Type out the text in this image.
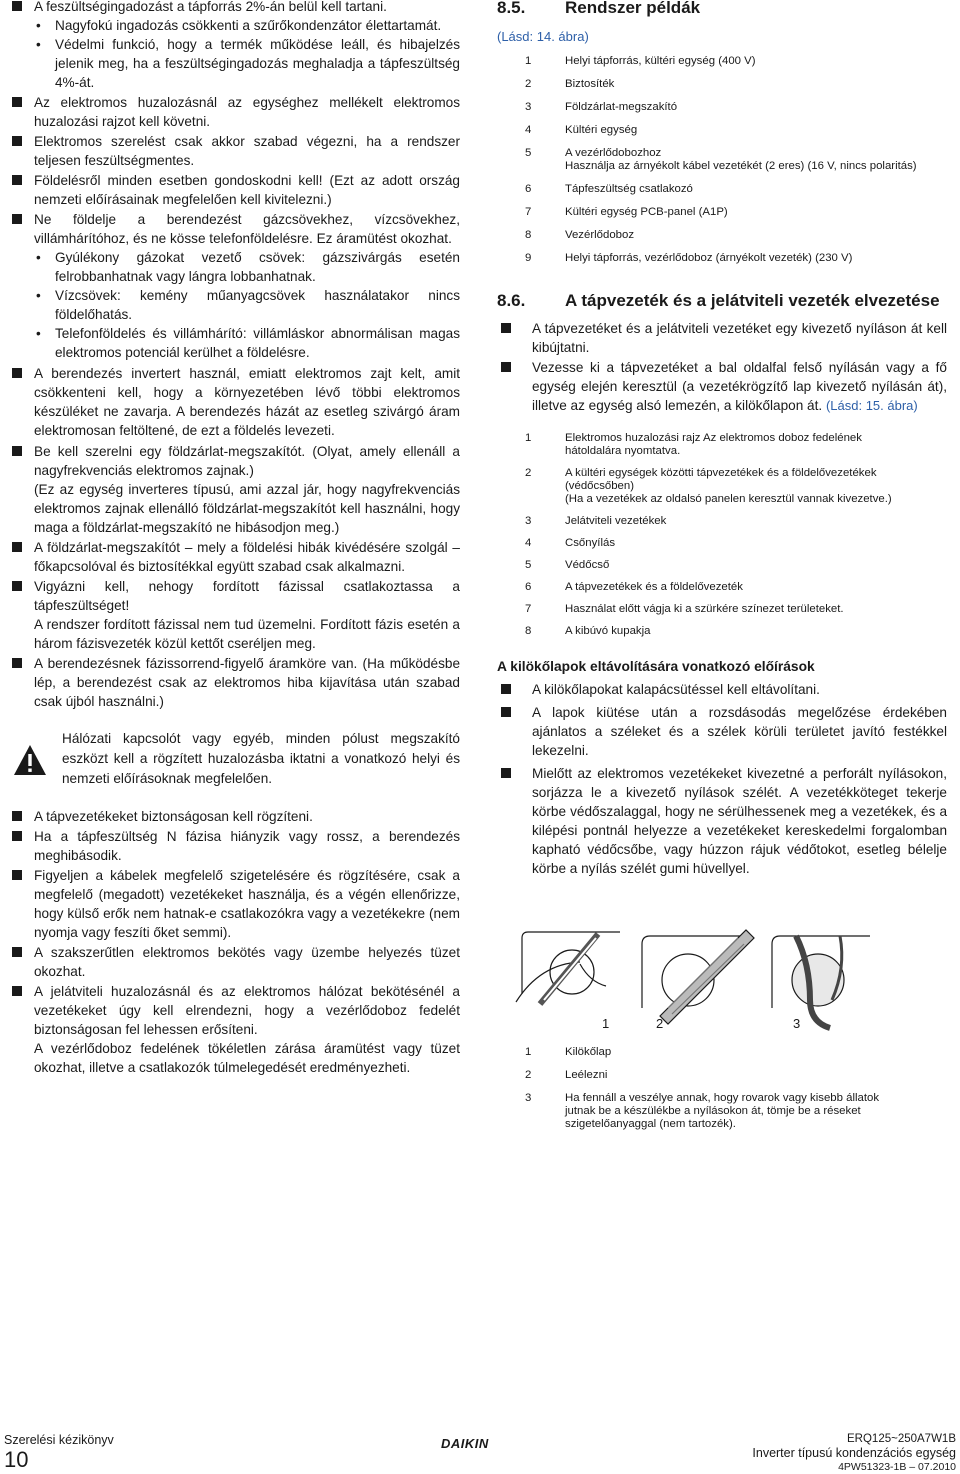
A feszültségingadozást a tápforrás 2%-án belül kell tartani.

• Nagyfokú ingadozás csökkenti a szűrőkondenzátor élettartamát.

• Védelmi funkció, hogy a termék működése leáll, és hibajelzés jelenik meg, ha a feszültségingadozás meghaladja a tápfeszültség 4%-át.

Az elektromos huzalozásnál az egységhez mellékelt elektromos huzalozási rajzot kell követni.

Elektromos szerelést csak akkor szabad végezni, ha a rendszer teljesen feszültségmentes.

Földelésről minden esetben gondoskodni kell! (Ezt az adott ország nemzeti előírásainak megfelelően kell kivitelezni.)

Ne földelje a berendezést gázcsövekhez, vízcsövekhez, villámhárítóhoz, és ne kösse telefonföldelésre. Ez áramütést okozhat.

• Gyúlékony gázokat vezető csövek: gázszivárgás esetén felrobbanhatnak vagy lángra lobbanhatnak.

• Vízcsövek: kemény műanyagcsövek használatakor nincs földelőhatás.

• Telefonföldelés és villámhárító: villámláskor abnormálisan magas elektromos potenciál kerülhet a földelésre.

A berendezés invertert használ, emiatt elektromos zajt kelt, amit csökkenteni kell, hogy a környezetében lévő többi elektromos készüléket ne zavarja. A berendezés házát az esetleg szivárgó áram elektromosan feltöltené, de ezt a földelés levezeti.

Be kell szerelni egy földzárlat-megszakítót. (Olyat, amely ellenáll a nagyfrekvenciás elektromos zajnak.)

(Ez az egység inverteres típusú, ami azzal jár, hogy nagyfrekvenciás elektromos zajnak ellenálló földzárlat-megszakítót kell használni, hogy maga a földzárlat-megszakító ne hibásodjon meg.)

A földzárlat-megszakítót – mely a földelési hibák kivédésére szolgál – főkapcsolóval és biztosítékkal együtt szabad csak alkalmazni.

Vigyázni kell, nehogy fordított fázissal csatlakoztassa a tápfeszültséget!

A rendszer fordított fázissal nem tud üzemelni. Fordított fázis esetén a három fázisvezeték közül kettőt cseréljen meg.

A berendezésnek fázissorrend-figyelő áramköre van. (Ha működésbe lép, a berendezést csak az elektromos hiba kijavítása után szabad csak újból használni.)

Hálózati kapcsolót vagy egyéb, minden pólust megszakító eszközt kell a rögzített huzalozásba iktatni a vonatkozó helyi és nemzeti előírásoknak megfelelően.

A tápvezetékeket biztonságosan kell rögzíteni.

Ha a tápfeszültség N fázisa hiányzik vagy rossz, a berendezés meghibásodik.

Figyeljen a kábelek megfelelő szigetelésére és rögzítésére, csak a megfelelő (megadott) vezetékeket használja, és a végén ellenőrizze, hogy külső erők nem hatnak-e csatlakozókra vagy a vezetékekre (nem nyomja vagy feszíti őket semmi).

A szakszerűtlen elektromos bekötés vagy üzembe helyezés tüzet okozhat.

A jelátviteli huzalozásnál és az elektromos hálózat bekötésénél a vezetékeket úgy kell elrendezni, hogy a vezérlődoboz fedelét biztonságosan fel lehessen erősíteni.

A vezérlődoboz fedelének tökéletlen zárása áramütést vagy tüzet okozhat, illetve a csatlakozók túlmelegedését eredményezheti.

8.5. Rendszer példák
(Lásd: 14. ábra)
1	Helyi tápforrás, kültéri egység (400 V)
2	Biztosíték
3	Földzárlat-megszakító
4	Kültéri egység
5	A vezérlődobozhoz
Használja az árnyékolt kábel vezetékét (2 eres) (16 V, nincs polaritás)
6	Tápfeszültség csatlakozó
7	Kültéri egység PCB-panel (A1P)
8	Vezérlődoboz
9	Helyi tápforrás, vezérlődoboz (árnyékolt vezeték) (230 V)
8.6. A tápvezeték és a jelátviteli vezeték elvezetése

A tápvezetéket és a jelátviteli vezetéket egy kivezető nyíláson át kell kibújtatni.

Vezesse ki a tápvezetéket a bal oldalfal felső nyílásán vagy a fő egység elején keresztül (a vezetékrögzítő lap kivezető nyílásán át), illetve az egység alsó lemezén, a kilökőlapon át. (Lásd: 15. ábra)

1	Elektromos huzalozási rajz Az elektromos doboz fedelének
hátoldalára nyomtatva.
2	A kültéri egységek közötti tápvezetékek és a földelővezetékek
(védőcsőben)
(Ha a vezetékek az oldalsó panelen keresztül vannak kivezetve.)
3	Jelátviteli vezetékek
4	Csőnyílás
5	Védőcső
6	A tápvezetékek és a földelővezeték
7	Használat előtt vágja ki a szürkére színezet területeket.
8	A kibúvó kupakja
A kilökőlapok eltávolítására vonatkozó előírások

A kilökőlapokat kalapácsütéssel kell eltávolítani.

A lapok kiütése után a rozsdásodás megelőzése érdekében ajánlatos a széleket és a szélek körüli területet javító festékkel lekezelni.

Mielőtt az elektromos vezetékeket kivezetné a perforált nyílásokon, sorjázza le a kivezető nyílások szélét. A vezetékköteget tekerje körbe védőszalaggal, hogy ne sérülhessenek meg a vezetékek, és a kilépési pontnál helyezze a vezetékeket kereskedelmi forgalomban kapható védőcsőbe, vagy húzzon rájuk védőtokot, esetleg bélelje körbe a nyílás szélét gumi hüvellyel.

1	2	3
1	Kilökőlap
2	Leélezni
3	Ha fennáll a veszélye annak, hogy rovarok vagy kisebb állatok
jutnak be a készülékbe a nyílásokon át, tömje be a réseket
szigetelőanyaggal (nem tartozék).
Szerelési kézikönyv
10
DAIKIN	ERQ125~250A7W1B
Inverter típusú kondenzációs egység
4PW51323-1B – 07.2010
